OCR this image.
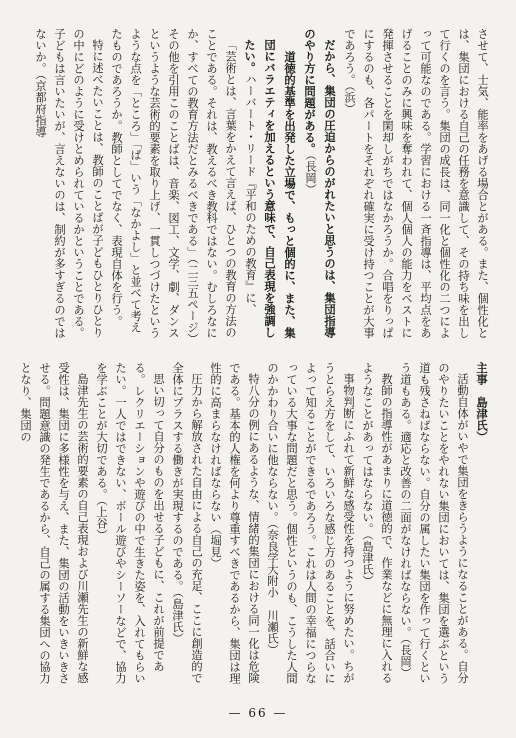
させて、士気、能率をあげる場合とがある。また、個性化とは、集団における自己の任務を意識して、その持ち味を出して行くのを言う。集団の成長は、同一化と個性化の二つによって可能なのである。学習における一斉指導は、平均点をあげることのみに興味を奪われて、個人個人の能力をベストに発揮させることを閑却しがちではなかろうか。合唱をりっぱにするのも、各パートをそれぞれ確実に受け持つことが大事であろう。（浜）

だから、集団の圧迫からのがれたいと思うのは、集団指導のやり方に問題がある。（長岡）

道徳的基準を出発した立場で、もっと個的に、また、集団にバラエティを加えるという意味で、自己表現を強調したい。ハーバート・リード『平和のための教育』に、

「芸術とは、言葉をかえて言えば、ひとつの教育の方法のことである。それは、教えるべき教科ではない。むしろなにか、すべての教育方法だとみるべきである」（二三五ページ）その他を引用このことばは、音楽、図工、文学、劇、ダンスというような芸術的要素を取り上げ、一貫しつづけたというような点を「ところ」「ば」いう「なかよし」と並べて考えたものであろうか。教師としてでなく、表現自体を行う。

特に述べたいことは、教師のことばが子どもひとりひとりの中にどのように受けとめられているかということである。子どもは言いたいが、言えないのは、制約が多すぎるのではないか。（京都府指導

主事　島津氏）

活動自体がいやで集団をきらうようになることがある。自分のやりたいことをやれない集団においては、集団を選ぶという道も残さねばならない。自分の属したい集団を作って行くという道もある。適応と改善の二面がなければならない。（長岡）

教師の指導性があまりに道徳的で、作業などに無理に入れるようなことがあってはならない。（島津氏）

事物判断にふれて新鮮な感受性を持つように努めたい。ちがうとらえ方をして、いろいろな感じ方のあることを、話合いによって知ることができるであろう。これは人間の幸福につらなっている大事な問題だと思う。個性というのも、こうした人間のかかわり合いに他ならない。（奈良学大附小　川瀬氏）

特八分の例にあるような、情緒的集団における同一化は危険である。基本的人権を何より尊重すべきであるから、集団は理性的に高まらなければならない（堀見）

圧力から解放された自由による自己の充足、ここに創造的で全体にプラスする働きが実現するのである。（島津氏）

思い切って自分のものを出せる子どもに、これが前提である。レクリエーションや遊びの中で生きた姿を、入れてもらいたい。一人ではできない、ボール遊びやシーソーなどで、協力を学ぶことが大切である。（上谷）

島津先生の芸術的要素の自己表現および川瀬先生の新鮮な感受性は、集団に多様性を与え、また、集団の活動をいきいきさせる。問題意識の発生であるから、自己の属する集団への協力となり、集団の

— 66 —
